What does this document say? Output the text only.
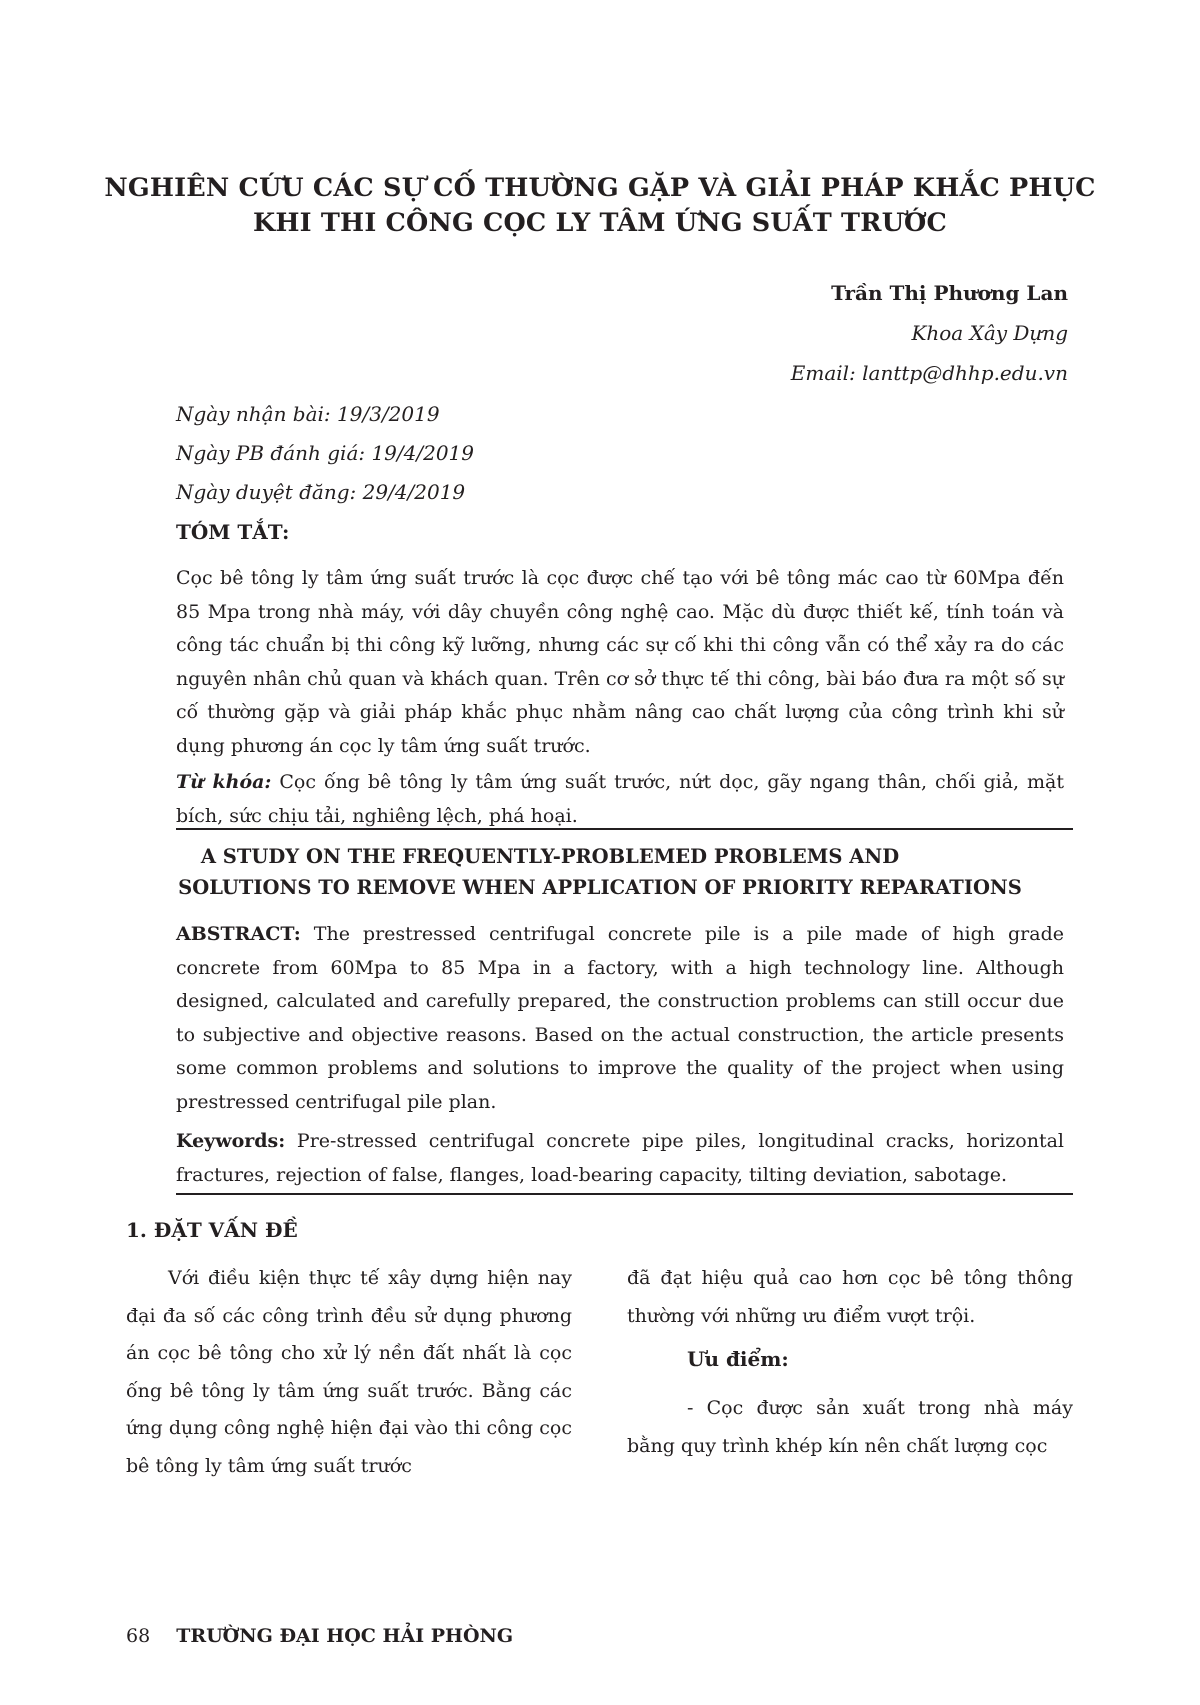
NGHIÊN CỨU CÁC SỰ CỐ THƯỜNG GẶP VÀ GIẢI PHÁP KHẮC PHỤC
KHI THI CÔNG CỌC LY TÂM ỨNG SUẤT TRƯỚC
Trần Thị Phương Lan
Khoa Xây Dựng
Email: lanttp@dhhp.edu.vn
Ngày nhận bài: 19/3/2019
Ngày PB đánh giá: 19/4/2019
Ngày duyệt đăng: 29/4/2019
TÓM TẮT:
Cọc bê tông ly tâm ứng suất trước là cọc được chế tạo với bê tông mác cao từ 60Mpa đến 85 Mpa trong nhà máy, với dây chuyền công nghệ cao. Mặc dù được thiết kế, tính toán và công tác chuẩn bị thi công kỹ lưỡng, nhưng các sự cố khi thi công vẫn có thể xảy ra do các nguyên nhân chủ quan và khách quan. Trên cơ sở thực tế thi công, bài báo đưa ra một số sự cố thường gặp và giải pháp khắc phục nhằm nâng cao chất lượng của công trình khi sử dụng phương án cọc ly tâm ứng suất trước.
Từ khóa: Cọc ống bê tông ly tâm ứng suất trước, nứt dọc, gãy ngang thân, chối giả, mặt bích, sức chịu tải, nghiêng lệch, phá hoại.
A STUDY ON THE FREQUENTLY-PROBLEMED PROBLEMS AND
SOLUTIONS TO REMOVE WHEN APPLICATION OF PRIORITY REPARATIONS
ABSTRACT: The prestressed centrifugal concrete pile is a pile made of high grade concrete from 60Mpa to 85 Mpa in a factory, with a high technology line. Although designed, calculated and carefully prepared, the construction problems can still occur due to subjective and objective reasons. Based on the actual construction, the article presents some common problems and solutions to improve the quality of the project when using prestressed centrifugal pile plan.
Keywords: Pre-stressed centrifugal concrete pipe piles, longitudinal cracks, horizontal fractures, rejection of false, flanges, load-bearing capacity, tilting deviation, sabotage.
1. ĐẶT VẤN ĐỀ
Với điều kiện thực tế xây dựng hiện nay đại đa số các công trình đều sử dụng phương án cọc bê tông cho xử lý nền đất nhất là cọc ống bê tông ly tâm ứng suất trước. Bằng các ứng dụng công nghệ hiện đại vào thi công cọc bê tông ly tâm ứng suất trước
đã đạt hiệu quả cao hơn cọc bê tông thông thường với những ưu điểm vượt trội.
Ưu điểm:
- Cọc được sản xuất trong nhà máy bằng quy trình khép kín nên chất lượng cọc
68 TRƯỜNG ĐẠI HỌC HẢI PHÒNG
